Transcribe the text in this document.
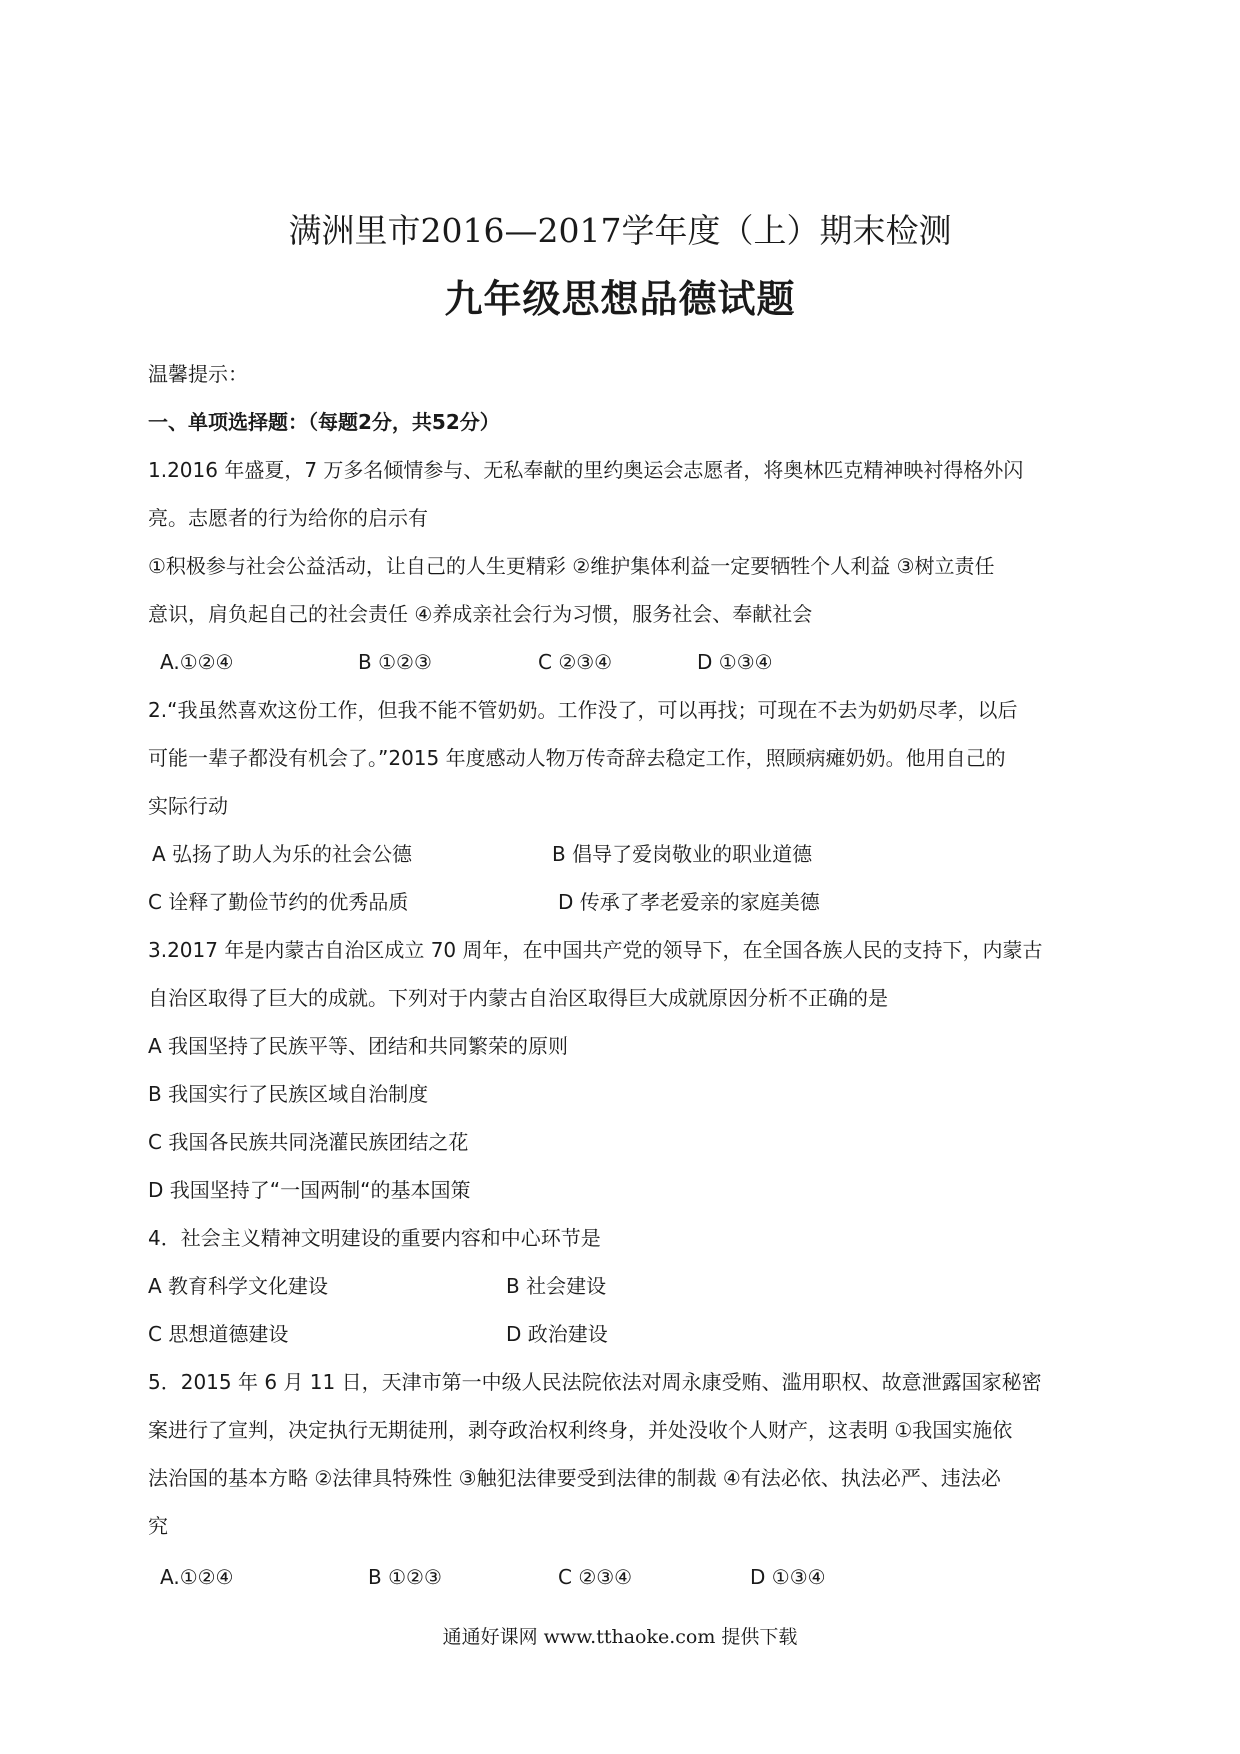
满洲里市2016—2017学年度（上）期末检测
九年级思想品德试题
温馨提示：
一、单项选择题：（每题2分，共52分）
1.2016 年盛夏，7 万多名倾情参与、无私奉献的里约奥运会志愿者，将奥林匹克精神映衬得格外闪
亮。志愿者的行为给你的启示有
①积极参与社会公益活动，让自己的人生更精彩 ②维护集体利益一定要牺牲个人利益 ③树立责任
意识，肩负起自己的社会责任 ④养成亲社会行为习惯，服务社会、奉献社会
A.①②④	B ①②③	C ②③④	D ①③④
2.“我虽然喜欢这份工作，但我不能不管奶奶。工作没了，可以再找；可现在不去为奶奶尽孝，以后
可能一辈子都没有机会了。”2015 年度感动人物万传奇辞去稳定工作，照顾病瘫奶奶。他用自己的
实际行动
A 弘扬了助人为乐的社会公德	B 倡导了爱岗敬业的职业道德
C 诠释了勤俭节约的优秀品质	D 传承了孝老爱亲的家庭美德
3.2017 年是内蒙古自治区成立 70 周年，在中国共产党的领导下，在全国各族人民的支持下，内蒙古
自治区取得了巨大的成就。下列对于内蒙古自治区取得巨大成就原因分析不正确的是
A 我国坚持了民族平等、团结和共同繁荣的原则
B 我国实行了民族区域自治制度
C 我国各民族共同浇灌民族团结之花
D 我国坚持了“一国两制“的基本国策
4．社会主义精神文明建设的重要内容和中心环节是
A 教育科学文化建设	B 社会建设
C 思想道德建设	D 政治建设
5．2015 年 6 月 11 日，天津市第一中级人民法院依法对周永康受贿、滥用职权、故意泄露国家秘密
案进行了宣判，决定执行无期徒刑，剥夺政治权利终身，并处没收个人财产，这表明 ①我国实施依
法治国的基本方略 ②法律具特殊性 ③触犯法律要受到法律的制裁 ④有法必依、执法必严、违法必
究
A.①②④	B ①②③	C ②③④	D ①③④
通通好课网 www.tthaoke.com 提供下载
